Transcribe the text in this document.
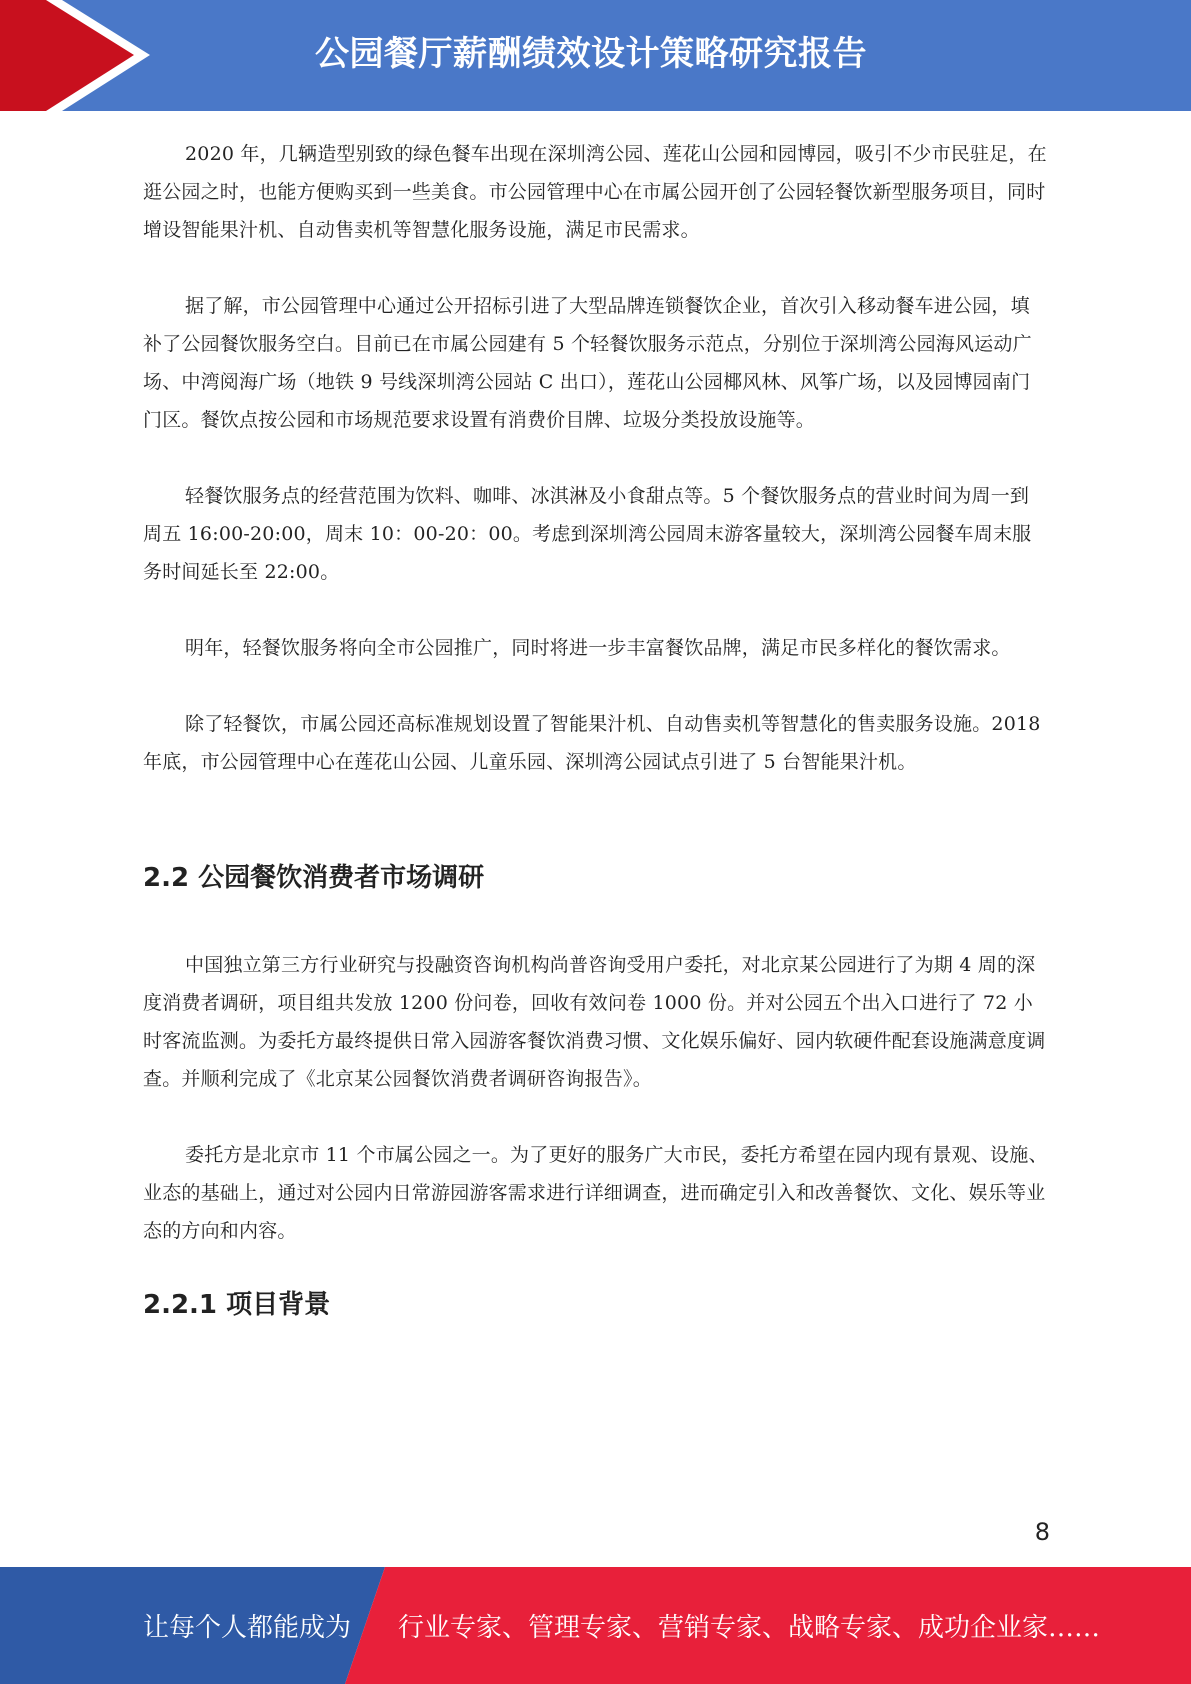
公园餐厅薪酬绩效设计策略研究报告

2020 年，几辆造型别致的绿色餐车出现在深圳湾公园、莲花山公园和园博园，吸引不少市民驻足，在逛公园之时，也能方便购买到一些美食。市公园管理中心在市属公园开创了公园轻餐饮新型服务项目，同时增设智能果汁机、自动售卖机等智慧化服务设施，满足市民需求。

据了解，市公园管理中心通过公开招标引进了大型品牌连锁餐饮企业，首次引入移动餐车进公园，填补了公园餐饮服务空白。目前已在市属公园建有 5 个轻餐饮服务示范点，分别位于深圳湾公园海风运动广场、中湾阅海广场（地铁 9 号线深圳湾公园站 C 出口），莲花山公园椰风林、风筝广场，以及园博园南门门区。餐饮点按公园和市场规范要求设置有消费价目牌、垃圾分类投放设施等。

轻餐饮服务点的经营范围为饮料、咖啡、冰淇淋及小食甜点等。5 个餐饮服务点的营业时间为周一到周五 16:00-20:00，周末 10：00-20：00。考虑到深圳湾公园周末游客量较大，深圳湾公园餐车周末服务时间延长至 22:00。

明年，轻餐饮服务将向全市公园推广，同时将进一步丰富餐饮品牌，满足市民多样化的餐饮需求。

除了轻餐饮，市属公园还高标准规划设置了智能果汁机、自动售卖机等智慧化的售卖服务设施。2018 年底，市公园管理中心在莲花山公园、儿童乐园、深圳湾公园试点引进了 5 台智能果汁机。

2.2 公园餐饮消费者市场调研

中国独立第三方行业研究与投融资咨询机构尚普咨询受用户委托，对北京某公园进行了为期 4 周的深度消费者调研，项目组共发放 1200 份问卷，回收有效问卷 1000 份。并对公园五个出入口进行了 72 小时客流监测。为委托方最终提供日常入园游客餐饮消费习惯、文化娱乐偏好、园内软硬件配套设施满意度调查。并顺利完成了《北京某公园餐饮消费者调研咨询报告》。

委托方是北京市 11 个市属公园之一。为了更好的服务广大市民，委托方希望在园内现有景观、设施、业态的基础上，通过对公园内日常游园游客需求进行详细调查，进而确定引入和改善餐饮、文化、娱乐等业态的方向和内容。

2.2.1 项目背景
8
让每个人都能成为 行业专家、管理专家、营销专家、战略专家、成功企业家……
